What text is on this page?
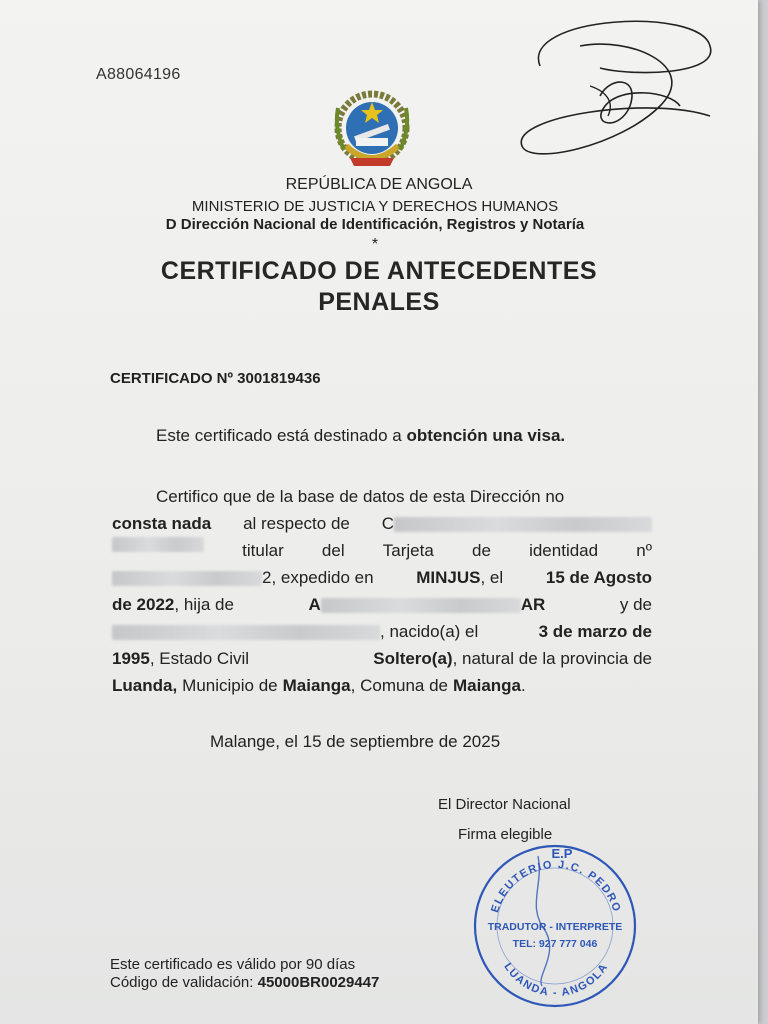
A88064196
REPÚBLICA DE ANGOLA
MINISTERIO DE JUSTICIA Y DERECHOS HUMANOS
D Dirección Nacional de Identificación, Registros y Notaría
*
CERTIFICADO DE ANTECEDENTES
PENALES
CERTIFICADO Nº 3001819436
Este certificado está destinado a obtención una visa.
Certifico que de la base de datos de esta Dirección no
consta nada al respecto de C
titular del Tarjeta de identidad nº
2, expedido en	MINJUS, el	15 de Agosto
de 2022, hija de	A	AR	y de
, nacido(a) el	3 de marzo de
1995, Estado Civil	Soltero(a), natural de la provincia de
Luanda, Municipio de Maianga, Comuna de Maianga.
Malange, el 15 de septiembre de 2025
El Director Nacional
Firma elegible
ELEUTERIO J.C. PEDRO
E.P
TRADUTOR - INTERPRETE
TEL: 927 777 046
LUANDA - ANGOLA
Este certificado es válido por 90 días
Código de validación: 45000BR0029447
